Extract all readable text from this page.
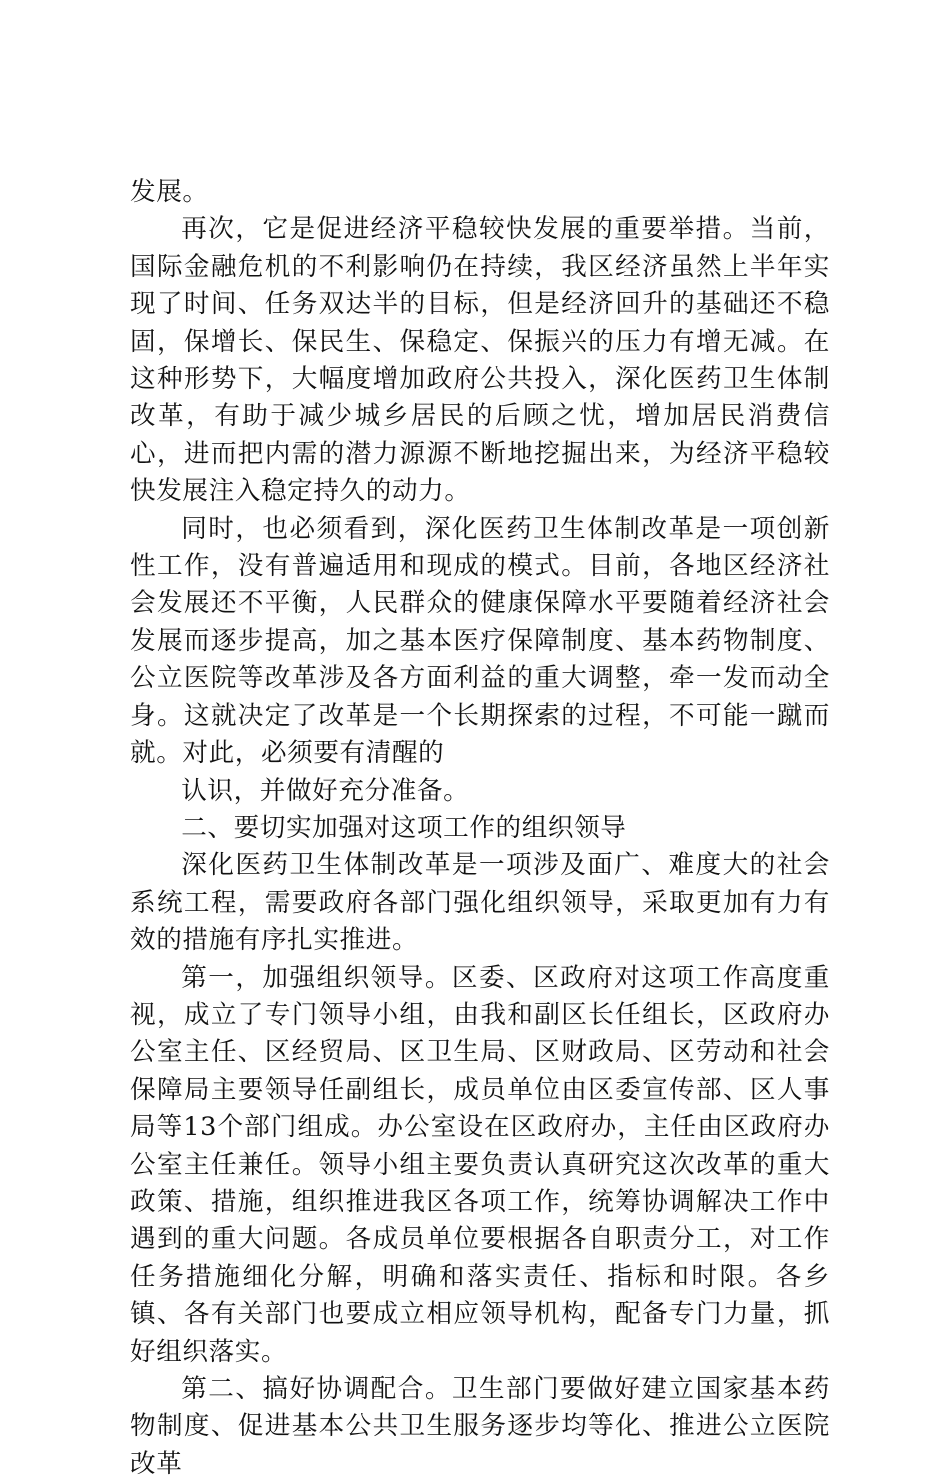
发展。

再次，它是促进经济平稳较快发展的重要举措。当前，国际金融危机的不利影响仍在持续，我区经济虽然上半年实现了时间、任务双达半的目标，但是经济回升的基础还不稳固，保增长、保民生、保稳定、保振兴的压力有增无减。在这种形势下，大幅度增加政府公共投入，深化医药卫生体制改革，有助于减少城乡居民的后顾之忧，增加居民消费信心，进而把内需的潜力源源不断地挖掘出来，为经济平稳较快发展注入稳定持久的动力。

同时，也必须看到，深化医药卫生体制改革是一项创新性工作，没有普遍适用和现成的模式。目前，各地区经济社会发展还不平衡，人民群众的健康保障水平要随着经济社会发展而逐步提高，加之基本医疗保障制度、基本药物制度、公立医院等改革涉及各方面利益的重大调整，牵一发而动全身。这就决定了改革是一个长期探索的过程，不可能一蹴而就。对此，必须要有清醒的

认识，并做好充分准备。

二、要切实加强对这项工作的组织领导

深化医药卫生体制改革是一项涉及面广、难度大的社会系统工程，需要政府各部门强化组织领导，采取更加有力有效的措施有序扎实推进。

第一，加强组织领导。区委、区政府对这项工作高度重视，成立了专门领导小组，由我和副区长任组长，区政府办公室主任、区经贸局、区卫生局、区财政局、区劳动和社会保障局主要领导任副组长，成员单位由区委宣传部、区人事局等13个部门组成。办公室设在区政府办，主任由区政府办公室主任兼任。领导小组主要负责认真研究这次改革的重大政策、措施，组织推进我区各项工作，统筹协调解决工作中遇到的重大问题。各成员单位要根据各自职责分工，对工作任务措施细化分解，明确和落实责任、指标和时限。各乡镇、各有关部门也要成立相应领导机构，配备专门力量，抓好组织落实。

第二、搞好协调配合。卫生部门要做好建立国家基本药物制度、促进基本公共卫生服务逐步均等化、推进公立医院改革
